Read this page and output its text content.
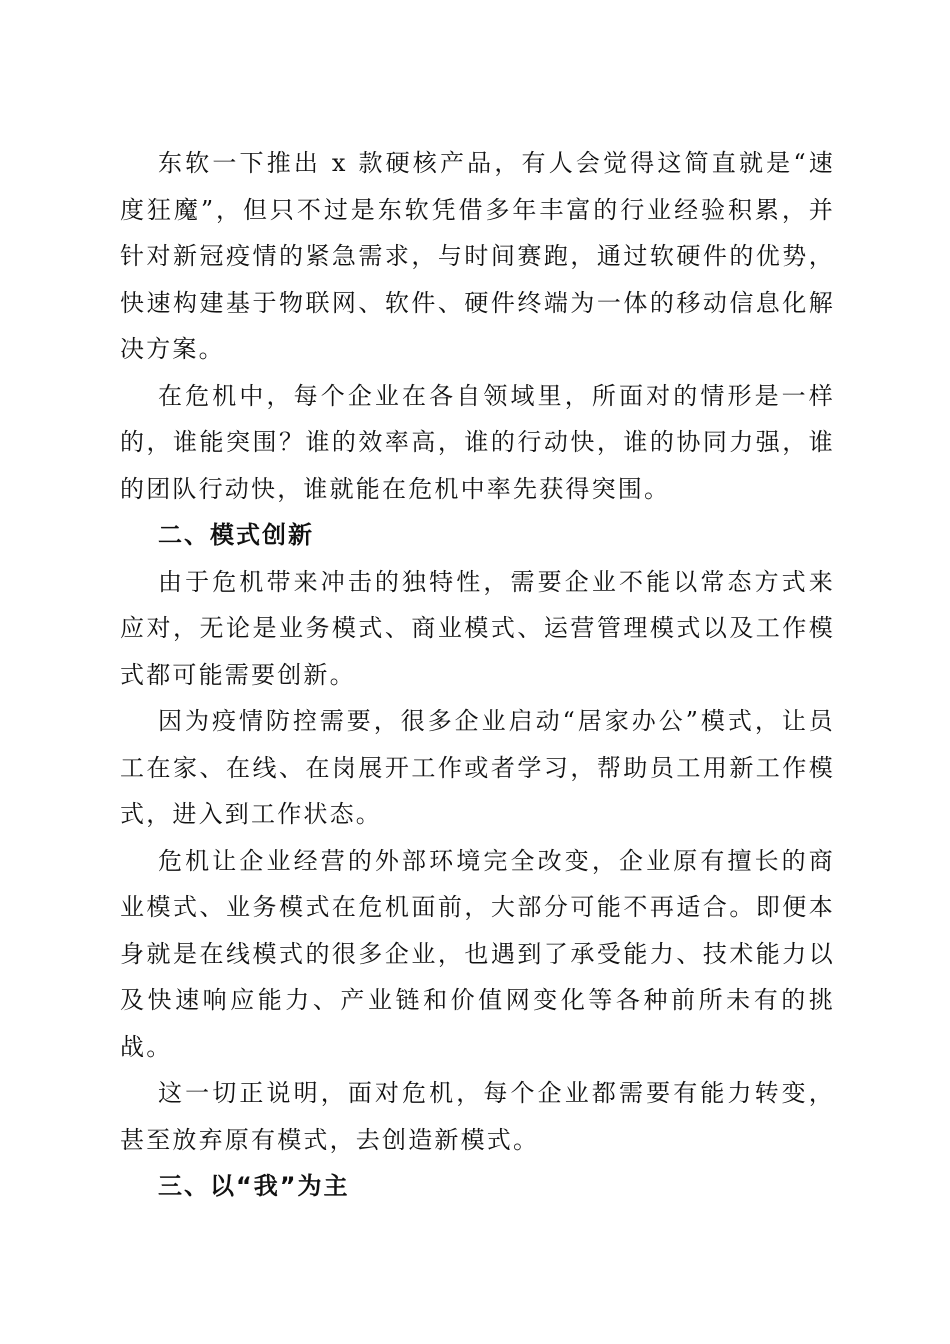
东软一下推出 x 款硬核产品，有人会觉得这简直就是“速度狂魔”，但只不过是东软凭借多年丰富的行业经验积累，并针对新冠疫情的紧急需求，与时间赛跑，通过软硬件的优势，快速构建基于物联网、软件、硬件终端为一体的移动信息化解决方案。

在危机中，每个企业在各自领域里，所面对的情形是一样的，谁能突围？谁的效率高，谁的行动快，谁的协同力强，谁的团队行动快，谁就能在危机中率先获得突围。

二、模式创新

由于危机带来冲击的独特性，需要企业不能以常态方式来应对，无论是业务模式、商业模式、运营管理模式以及工作模式都可能需要创新。

因为疫情防控需要，很多企业启动“居家办公”模式，让员工在家、在线、在岗展开工作或者学习，帮助员工用新工作模式，进入到工作状态。

危机让企业经营的外部环境完全改变，企业原有擅长的商业模式、业务模式在危机面前，大部分可能不再适合。即便本身就是在线模式的很多企业，也遇到了承受能力、技术能力以及快速响应能力、产业链和价值网变化等各种前所未有的挑战。

这一切正说明，面对危机，每个企业都需要有能力转变，甚至放弃原有模式，去创造新模式。

三、以“我”为主
